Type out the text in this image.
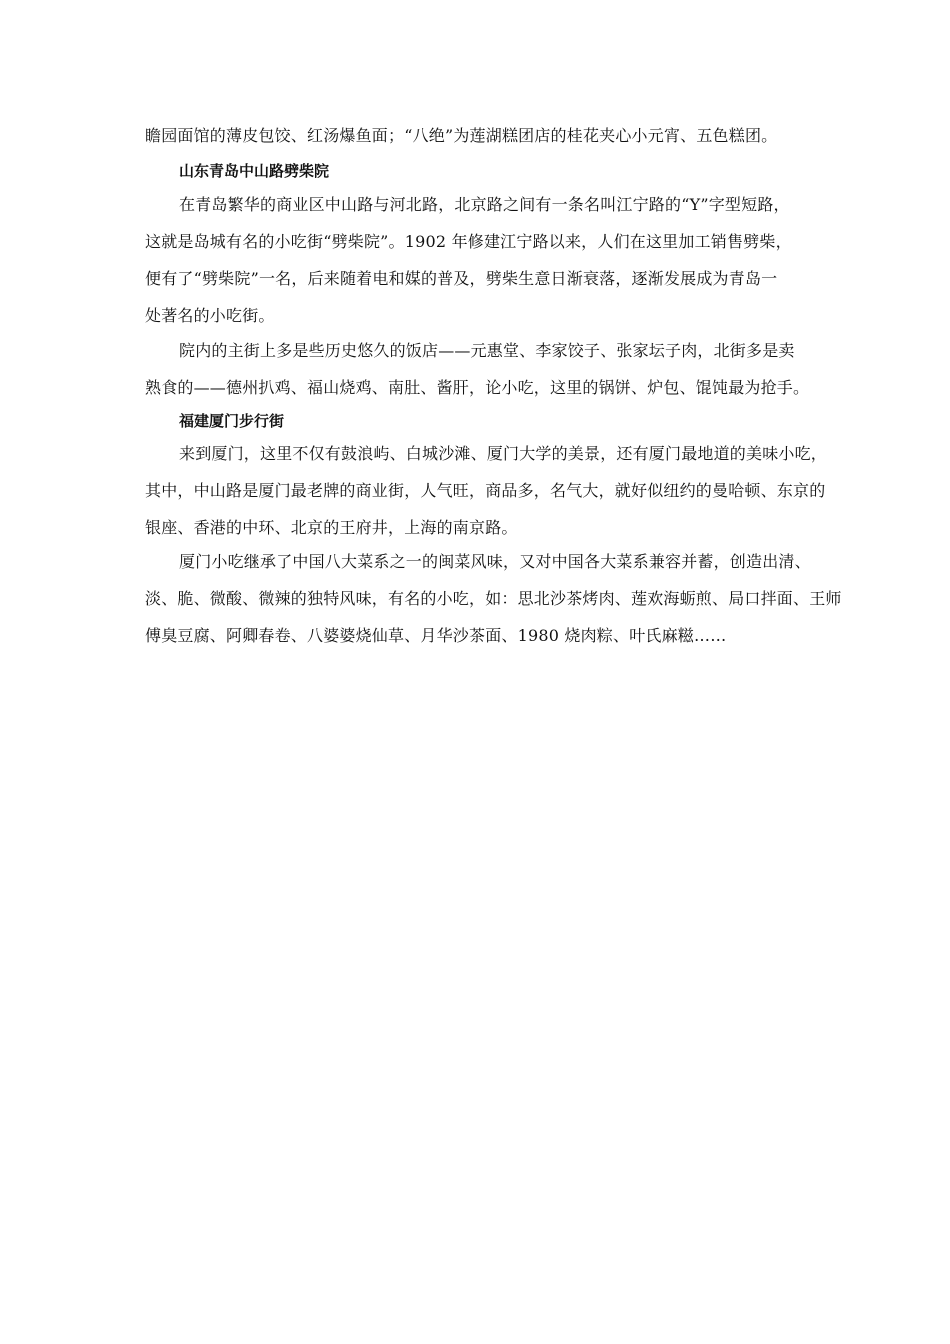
瞻园面馆的薄皮包饺、红汤爆鱼面；“八绝”为莲湖糕团店的桂花夹心小元宵、五色糕团。

山东青岛中山路劈柴院

在青岛繁华的商业区中山路与河北路，北京路之间有一条名叫江宁路的“Y”字型短路，

这就是岛城有名的小吃街“劈柴院”。1902 年修建江宁路以来，人们在这里加工销售劈柴，

便有了“劈柴院”一名，后来随着电和媒的普及，劈柴生意日渐衰落，逐渐发展成为青岛一

处著名的小吃街。

院内的主街上多是些历史悠久的饭店——元惠堂、李家饺子、张家坛子肉，北街多是卖

熟食的——德州扒鸡、福山烧鸡、南肚、酱肝，论小吃，这里的锅饼、炉包、馄饨最为抢手。

福建厦门步行街

来到厦门，这里不仅有鼓浪屿、白城沙滩、厦门大学的美景，还有厦门最地道的美味小吃，

其中，中山路是厦门最老牌的商业街，人气旺，商品多，名气大，就好似纽约的曼哈顿、东京的

银座、香港的中环、北京的王府井，上海的南京路。

厦门小吃继承了中国八大菜系之一的闽菜风味，又对中国各大菜系兼容并蓄，创造出清、

淡、脆、微酸、微辣的独特风味，有名的小吃，如：思北沙茶烤肉、莲欢海蛎煎、局口拌面、王师

傅臭豆腐、阿卿春卷、八婆婆烧仙草、月华沙茶面、1980 烧肉粽、叶氏麻糍……
